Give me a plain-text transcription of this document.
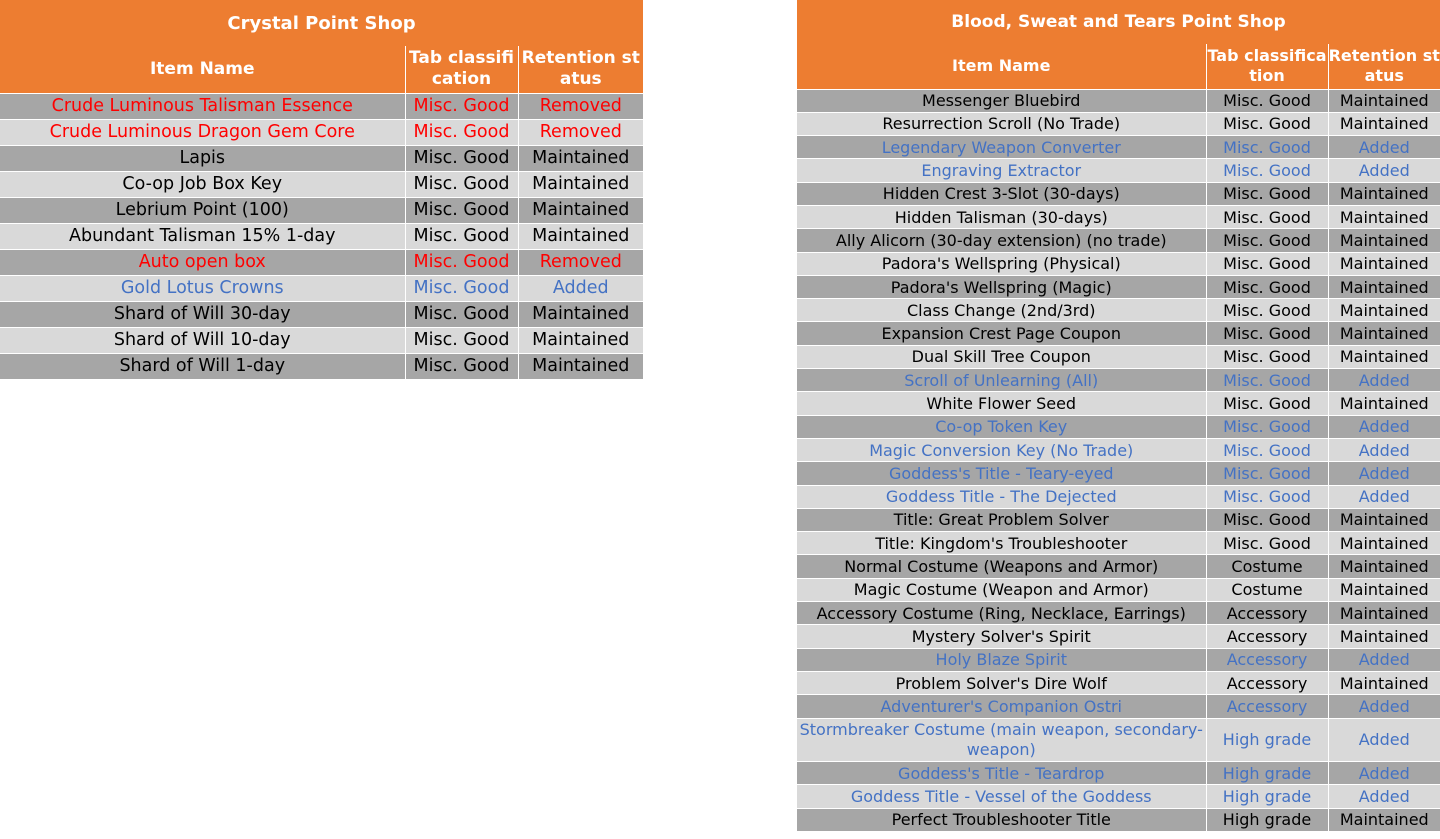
Crystal Point Shop		
Item Name	Tab classification	Retention status
Crude Luminous Talisman Essence	Misc. Good	Removed
Crude Luminous Dragon Gem Core	Misc. Good	Removed
Lapis	Misc. Good	Maintained
Co-op Job Box Key	Misc. Good	Maintained
Lebrium Point (100)	Misc. Good	Maintained
Abundant Talisman 15% 1-day	Misc. Good	Maintained
Auto open box	Misc. Good	Removed
Gold Lotus Crowns	Misc. Good	Added
Shard of Will 30-day	Misc. Good	Maintained
Shard of Will 10-day	Misc. Good	Maintained
Shard of Will 1-day	Misc. Good	Maintained
Blood, Sweat and Tears Point Shop		
Item Name	Tab classification	Retention status
Messenger Bluebird	Misc. Good	Maintained
Resurrection Scroll (No Trade)	Misc. Good	Maintained
Legendary Weapon Converter	Misc. Good	Added
Engraving Extractor	Misc. Good	Added
Hidden Crest 3-Slot (30-days)	Misc. Good	Maintained
Hidden Talisman (30-days)	Misc. Good	Maintained
Ally Alicorn (30-day extension) (no trade)	Misc. Good	Maintained
Padora's Wellspring (Physical)	Misc. Good	Maintained
Padora's Wellspring (Magic)	Misc. Good	Maintained
Class Change (2nd/3rd)	Misc. Good	Maintained
Expansion Crest Page Coupon	Misc. Good	Maintained
Dual Skill Tree Coupon	Misc. Good	Maintained
Scroll of Unlearning (All)	Misc. Good	Added
White Flower Seed	Misc. Good	Maintained
Co-op Token Key	Misc. Good	Added
Magic Conversion Key (No Trade)	Misc. Good	Added
Goddess's Title - Teary-eyed	Misc. Good	Added
Goddess Title - The Dejected	Misc. Good	Added
Title: Great Problem Solver	Misc. Good	Maintained
Title: Kingdom's Troubleshooter	Misc. Good	Maintained
Normal Costume (Weapons and Armor)	Costume	Maintained
Magic Costume (Weapon and Armor)	Costume	Maintained
Accessory Costume (Ring, Necklace, Earrings)	Accessory	Maintained
Mystery Solver's Spirit	Accessory	Maintained
Holy Blaze Spirit	Accessory	Added
Problem Solver's Dire Wolf	Accessory	Maintained
Adventurer's Companion Ostri	Accessory	Added
Stormbreaker Costume (main weapon, secondary-weapon)	High grade	Added
Goddess's Title - Teardrop	High grade	Added
Goddess Title - Vessel of the Goddess	High grade	Added
Perfect Troubleshooter Title	High grade	Maintained
